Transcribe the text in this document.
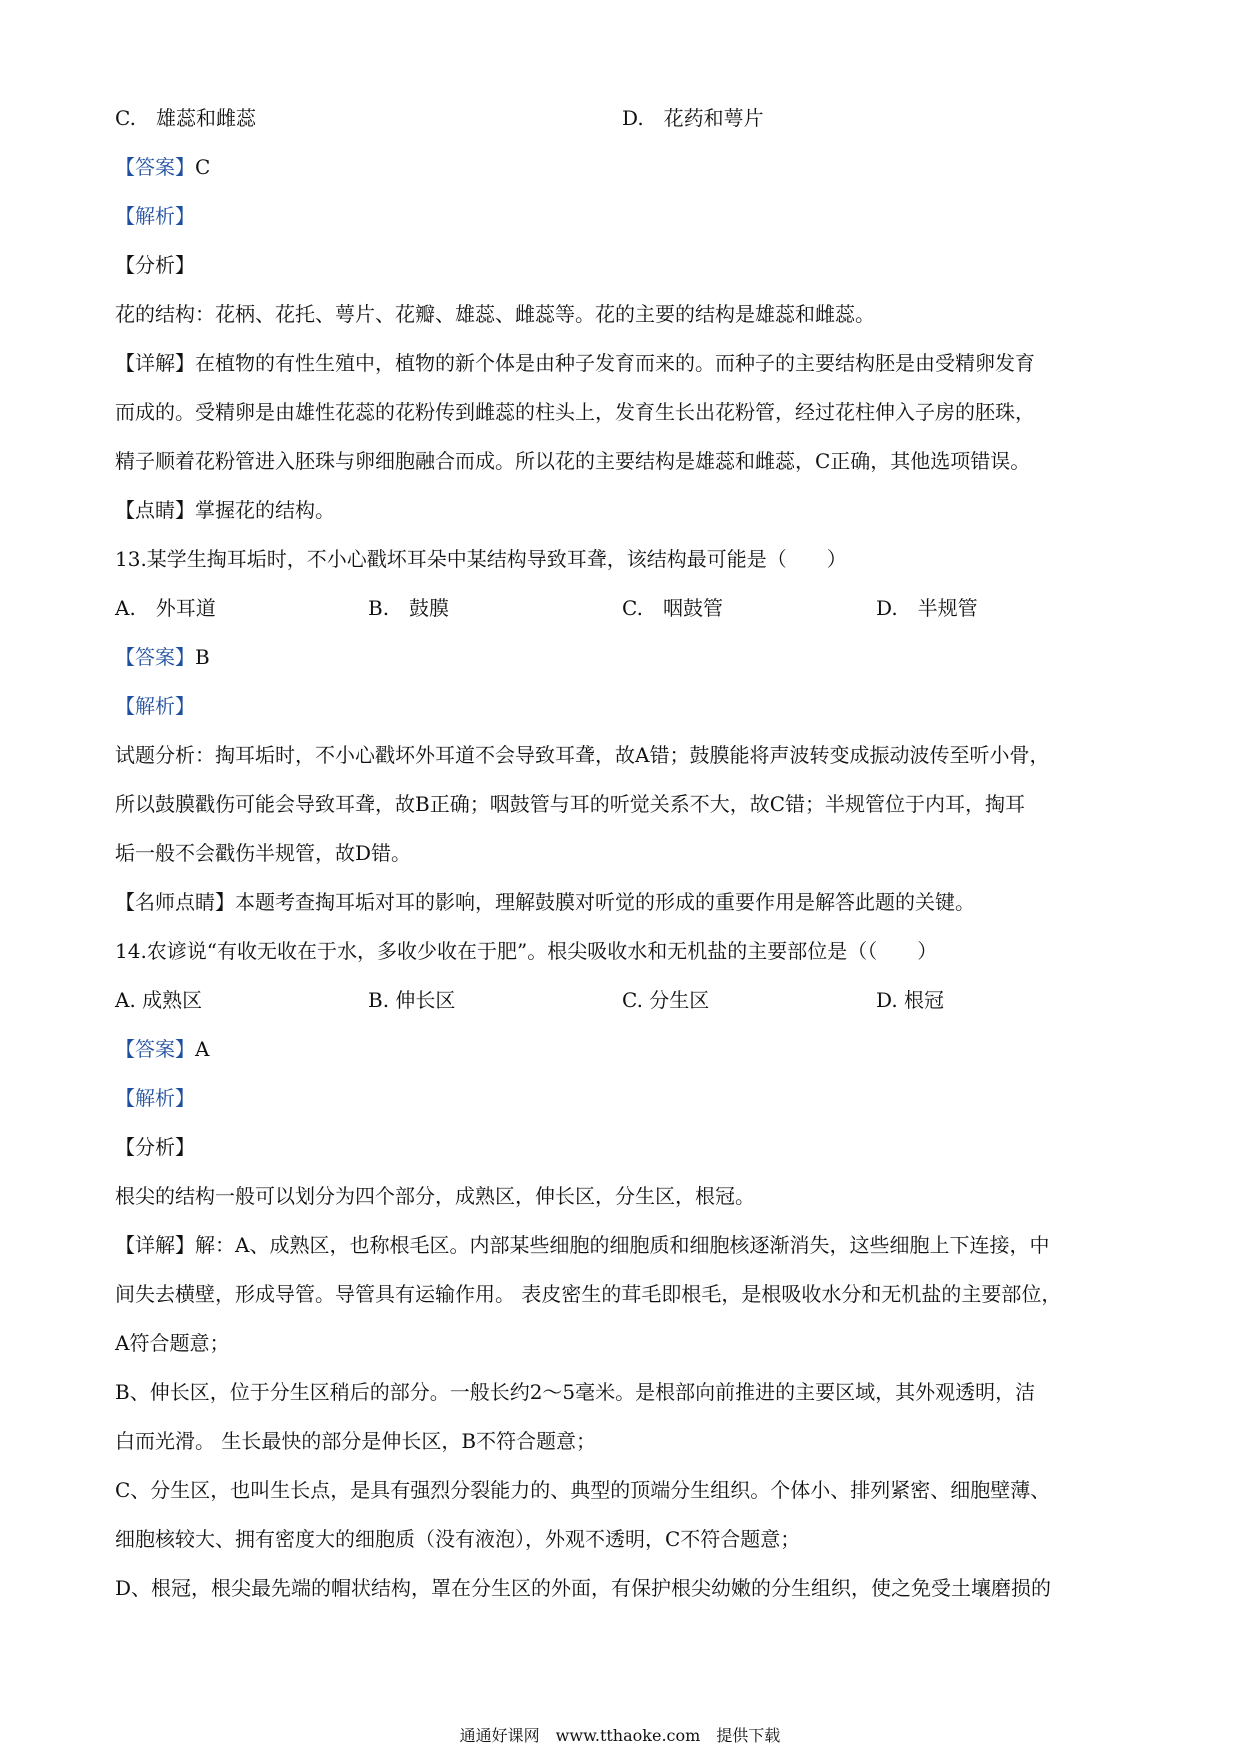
C.　雄蕊和雌蕊	D.　花药和萼片
【答案】C
【解析】
【分析】
花的结构：花柄、花托、萼片、花瓣、雄蕊、雌蕊等。花的主要的结构是雄蕊和雌蕊。
【详解】在植物的有性生殖中，植物的新个体是由种子发育而来的。而种子的主要结构胚是由受精卵发育
而成的。受精卵是由雄性花蕊的花粉传到雌蕊的柱头上，发育生长出花粉管，经过花柱伸入子房的胚珠，
精子顺着花粉管进入胚珠与卵细胞融合而成。所以花的主要结构是雄蕊和雌蕊，C正确，其他选项错误。
【点睛】掌握花的结构。
13.某学生掏耳垢时，不小心戳坏耳朵中某结构导致耳聋，该结构最可能是（　　）
A.　外耳道	B.　鼓膜	C.　咽鼓管	D.　半规管
【答案】B
【解析】
试题分析：掏耳垢时，不小心戳坏外耳道不会导致耳聋，故A错；鼓膜能将声波转变成振动波传至听小骨，
所以鼓膜戳伤可能会导致耳聋，故B正确；咽鼓管与耳的听觉关系不大，故C错；半规管位于内耳，掏耳
垢一般不会戳伤半规管，故D错。
【名师点睛】本题考查掏耳垢对耳的影响，理解鼓膜对听觉的形成的重要作用是解答此题的关键。
14.农谚说“有收无收在于水，多收少收在于肥”。根尖吸收水和无机盐的主要部位是（（　　）
A. 成熟区	B. 伸长区	C. 分生区	D. 根冠
【答案】A
【解析】
【分析】
根尖的结构一般可以划分为四个部分，成熟区，伸长区，分生区，根冠。
【详解】解：A、成熟区，也称根毛区。内部某些细胞的细胞质和细胞核逐渐消失，这些细胞上下连接，中
间失去横壁，形成导管。导管具有运输作用。 表皮密生的茸毛即根毛，是根吸收水分和无机盐的主要部位，
A符合题意；
B、伸长区，位于分生区稍后的部分。一般长约2～5毫米。是根部向前推进的主要区域，其外观透明，洁
白而光滑。 生长最快的部分是伸长区，B不符合题意；
C、分生区，也叫生长点，是具有强烈分裂能力的、典型的顶端分生组织。个体小、排列紧密、细胞壁薄、
细胞核较大、拥有密度大的细胞质（没有液泡），外观不透明，C不符合题意；
D、根冠，根尖最先端的帽状结构，罩在分生区的外面，有保护根尖幼嫩的分生组织，使之免受土壤磨损的
通通好课网　www.tthaoke.com　提供下载
